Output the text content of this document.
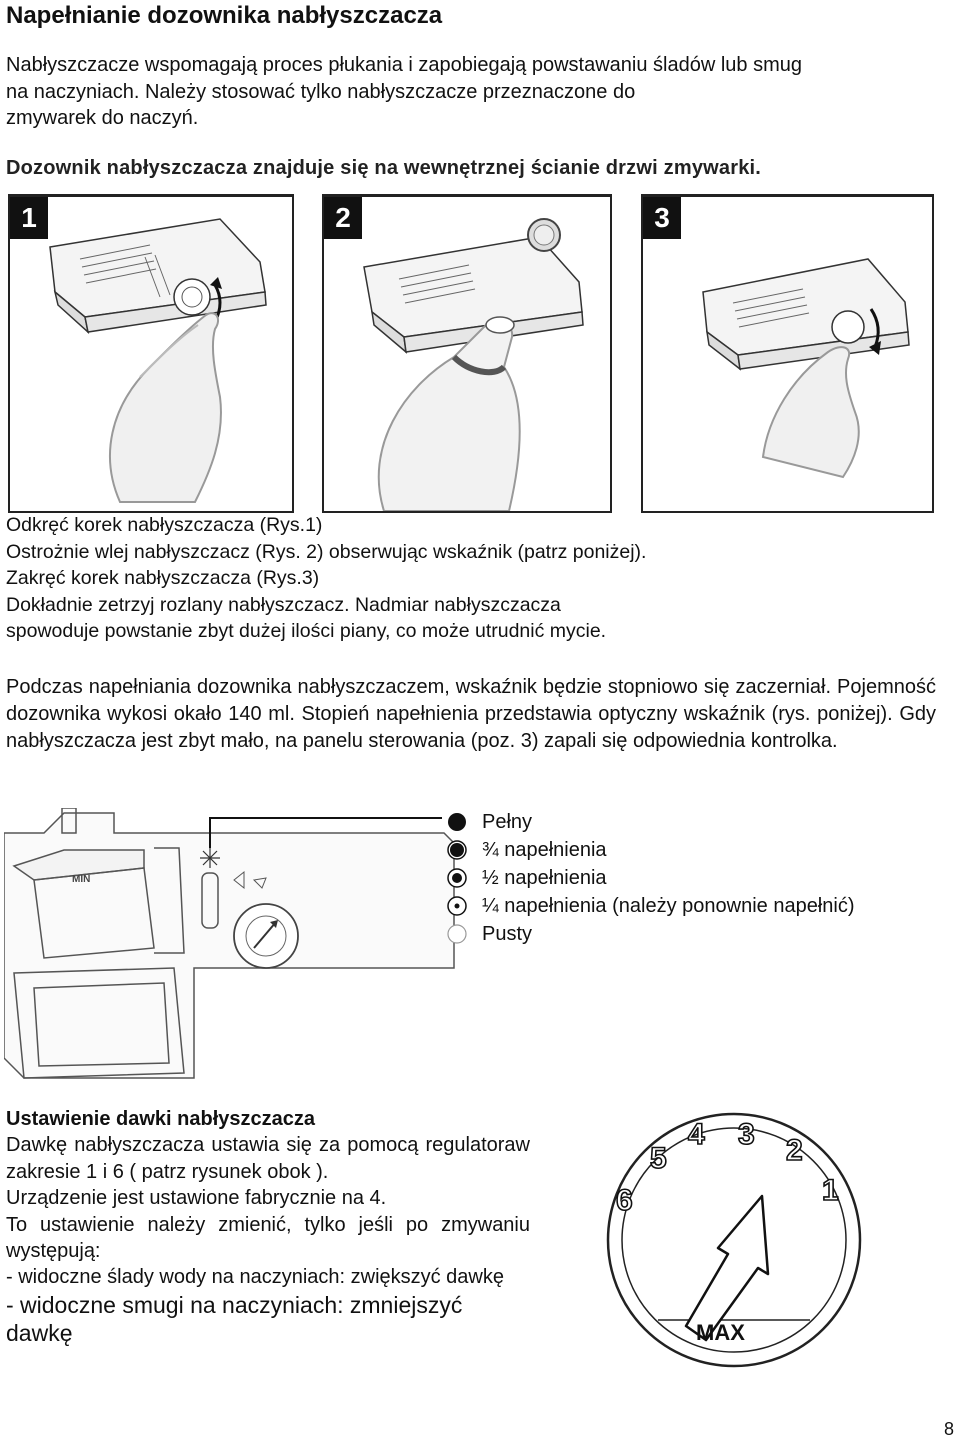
Napełnianie dozownika nabłyszczacza
Nabłyszczacze wspomagają proces płukania i zapobiegają powstawaniu śladów lub smug
na naczyniach. Należy stosować tylko nabłyszczacze przeznaczone do
zmywarek do naczyń.

Dozownik nabłyszczacza znajduje się na wewnętrznej ścianie drzwi zmywarki.

1	2	3
Odkręć korek nabłyszczacza (Rys.1)
Ostrożnie wlej nabłyszczacz (Rys. 2) obserwując wskaźnik (patrz poniżej).
Zakręć korek nabłyszczacza (Rys.3)
Dokładnie zetrzyj rozlany nabłyszczacz. Nadmiar nabłyszczacza
spowoduje powstanie zbyt dużej ilości piany, co może utrudnić mycie.

Podczas napełniania dozownika nabłyszczaczem, wskaźnik będzie stopniowo się zaczerniał. Pojemność dozownika wykosi okało 140 ml. Stopień napełnienia przedstawia optyczny wskaźnik (rys. poniżej). Gdy nabłyszczacza jest zbyt mało, na panelu sterowania (poz. 3) zapali się odpowiednia kontrolka.

MIN
Pełny
¾ napełnienia
½ napełnienia
¼ napełnienia (należy ponownie napełnić)
Pusty
Ustawienie dawki nabłyszczacza
Dawkę nabłyszczacza ustawia się za pomocą regulatoraw zakresie 1 i 6 ( patrz rysunek obok ).
Urządzenie jest ustawione fabrycznie na 4.
To ustawienie należy zmienić, tylko jeśli po zmywaniu występują:
- widoczne ślady wody na naczyniach: zwiększyć dawkę
- widoczne smugi na naczyniach: zmniejszyć dawkę
6
5
4 3 2
1
MAX
8
